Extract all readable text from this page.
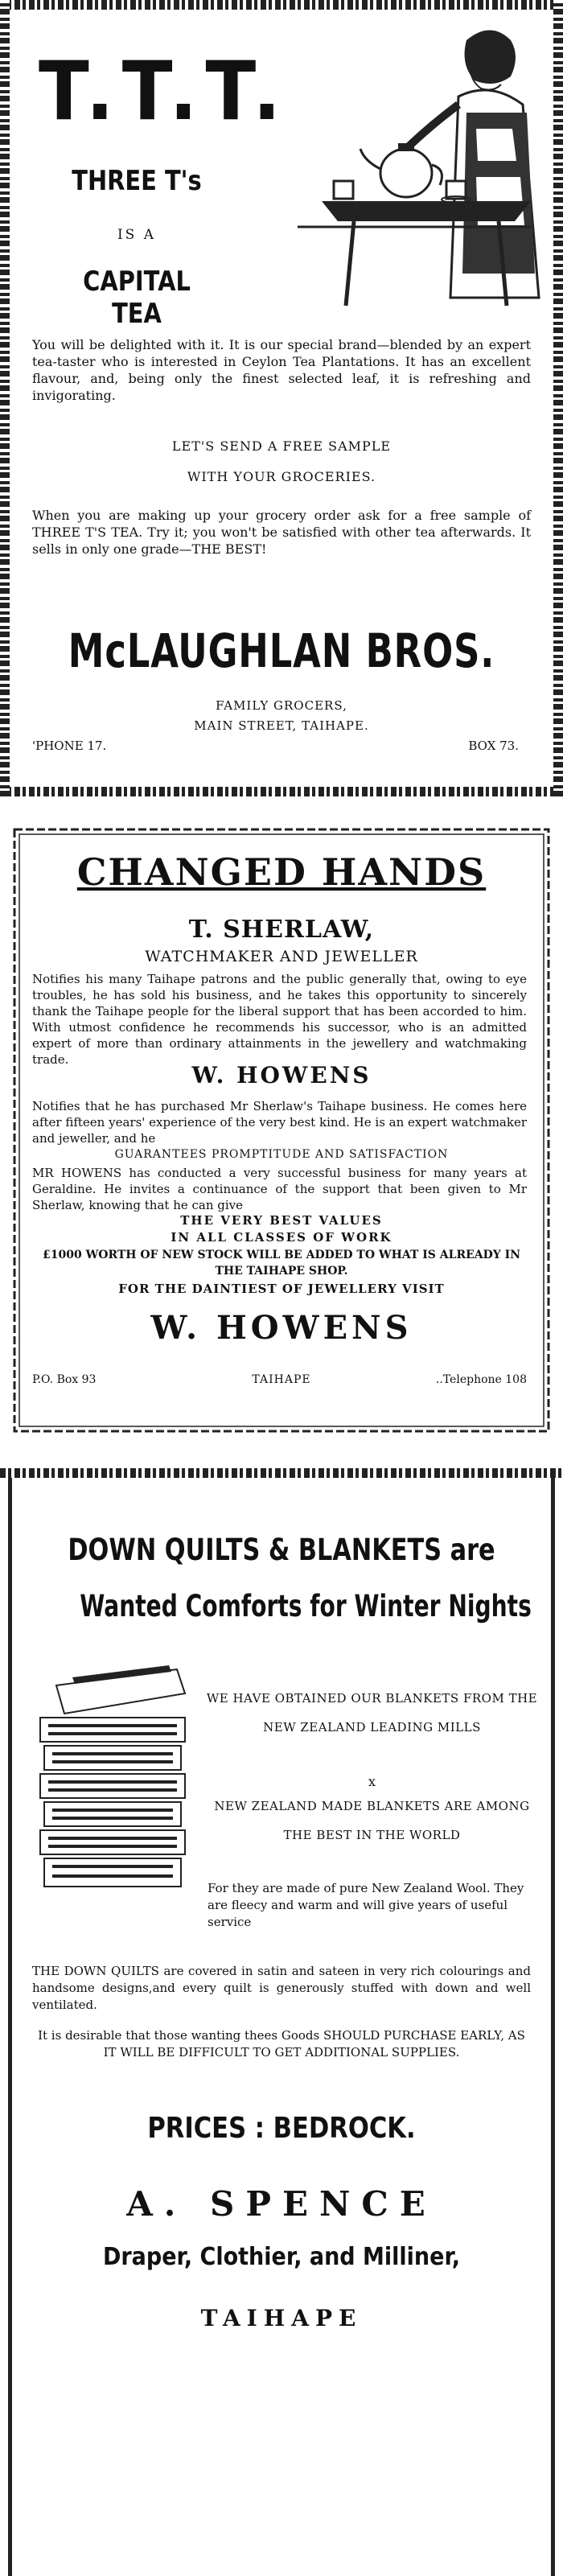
T.T.T.
THREE T's
IS A
CAPITAL TEA

You will be delighted with it. It is our special brand—blended by an expert tea-taster who is interested in Ceylon Tea Plantations. It has an excellent flavour, and, being only the finest selected leaf, it is refreshing and invigorating.

LET'S SEND A FREE SAMPLE
WITH YOUR GROCERIES.

When you are making up your grocery order ask for a free sample of THREE T'S TEA. Try it; you won't be satisfied with other tea afterwards. It sells in only one grade—THE BEST!

McLAUGHLAN BROS.
FAMILY GROCERS,
MAIN STREET, TAIHAPE.
'PHONE 17.	BOX 73.
CHANGED HANDS
T. SHERLAW,
WATCHMAKER AND JEWELLER

Notifies his many Taihape patrons and the public generally that, owing to eye troubles, he has sold his business, and he takes this opportunity to sincerely thank the Taihape people for the liberal support that has been accorded to him. With utmost confidence he recommends his successor, who is an admitted expert of more than ordinary attainments in the jewellery and watchmaking trade.

W. HOWENS

Notifies that he has purchased Mr Sherlaw's Taihape business. He comes here after fifteen years' experience of the very best kind. He is an expert watchmaker and jeweller, and he

GUARANTEES PROMPTITUDE AND SATISFACTION

MR HOWENS has conducted a very successful business for many years at Geraldine. He invites a continuance of the support that been given to Mr Sherlaw, knowing that he can give

THE VERY BEST VALUES
IN ALL CLASSES OF WORK
£1000 WORTH OF NEW STOCK WILL BE ADDED TO WHAT IS ALREADY IN THE TAIHAPE SHOP.
FOR THE DAINTIEST OF JEWELLERY VISIT
W. HOWENS
P.O. Box 93	TAIHAPE	..Telephone 108
DOWN QUILTS & BLANKETS are
Wanted Comforts for Winter Nights
WE HAVE OBTAINED OUR BLANKETS FROM THE NEW ZEALAND LEADING MILLS
x
NEW ZEALAND MADE BLANKETS ARE AMONG THE BEST IN THE WORLD

For they are made of pure New Zealand Wool. They are fleecy and warm and will give years of useful service

THE DOWN QUILTS are covered in satin and sateen in very rich colourings and handsome designs,and every quilt is generously stuffed with down and well ventilated.

It is desirable that those wanting thees Goods SHOULD PURCHASE EARLY, AS IT WILL BE DIFFICULT TO GET ADDITIONAL SUPPLIES.
PRICES : BEDROCK.
A. SPENCE
Draper, Clothier, and Milliner,
TAIHAPE
